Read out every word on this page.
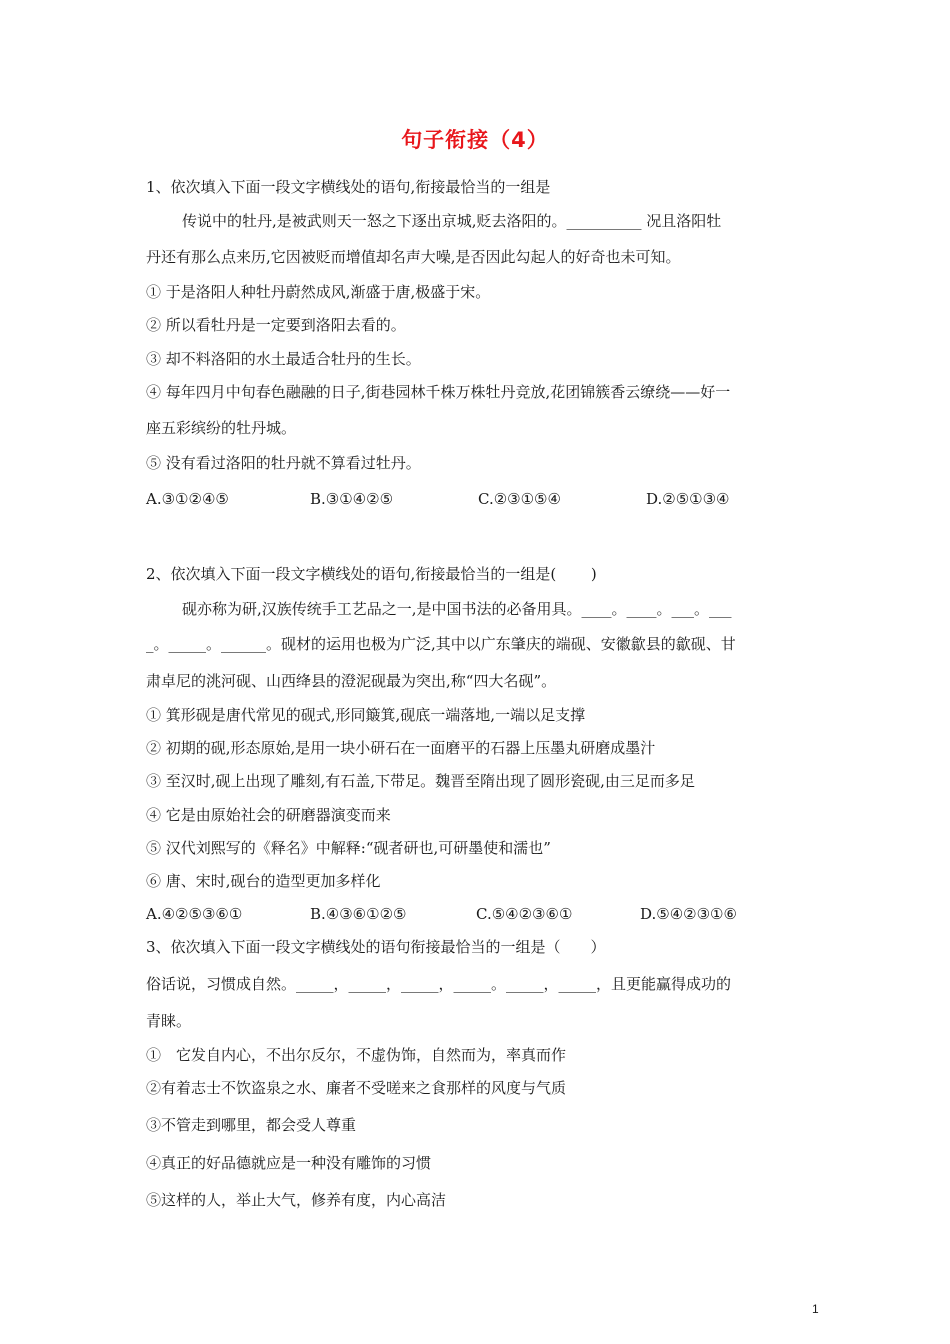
句子衔接（4）
1、依次填入下面一段文字横线处的语句,衔接最恰当的一组是
传说中的牡丹,是被武则天一怒之下逐出京城,贬去洛阳的。__________ 况且洛阳牡
丹还有那么点来历,它因被贬而增值却名声大噪,是否因此勾起人的好奇也未可知。
① 于是洛阳人种牡丹蔚然成风,渐盛于唐,极盛于宋。
② 所以看牡丹是一定要到洛阳去看的。
③ 却不料洛阳的水土最适合牡丹的生长。
④ 每年四月中旬春色融融的日子,街巷园林千株万株牡丹竞放,花团锦簇香云缭绕——好一
座五彩缤纷的牡丹城。
⑤ 没有看过洛阳的牡丹就不算看过牡丹。
A.③①②④⑤	B.③①④②⑤	C.②③①⑤④	D.②⑤①③④
2、依次填入下面一段文字横线处的语句,衔接最恰当的一组是(　　 )
砚亦称为研,汉族传统手工艺品之一,是中国书法的必备用具。____。____。___。___
_。_____。______。砚材的运用也极为广泛,其中以广东肇庆的端砚、安徽歙县的歙砚、甘
肃卓尼的洮河砚、山西绛县的澄泥砚最为突出,称“四大名砚”。
① 箕形砚是唐代常见的砚式,形同簸箕,砚底一端落地,一端以足支撑
② 初期的砚,形态原始,是用一块小研石在一面磨平的石器上压墨丸研磨成墨汁
③ 至汉时,砚上出现了雕刻,有石盖,下带足。魏晋至隋出现了圆形瓷砚,由三足而多足
④ 它是由原始社会的研磨器演变而来
⑤ 汉代刘熙写的《释名》中解释:“砚者研也,可研墨使和濡也”
⑥ 唐、宋时,砚台的造型更加多样化
A.④②⑤③⑥①	B.④③⑥①②⑤	C.⑤④②③⑥①	D.⑤④②③①⑥
3、依次填入下面一段文字横线处的语句衔接最恰当的一组是（　　）
俗话说，习惯成自然。_____，_____，_____，_____。_____，_____，且更能赢得成功的
青睐。
①　它发自内心，不出尔反尔，不虚伪饰，自然而为，率真而作
②有着志士不饮盗泉之水、廉者不受嗟来之食那样的风度与气质
③不管走到哪里，都会受人尊重
④真正的好品德就应是一种没有雕饰的习惯
⑤这样的人，举止大气，修养有度，内心高洁
1
